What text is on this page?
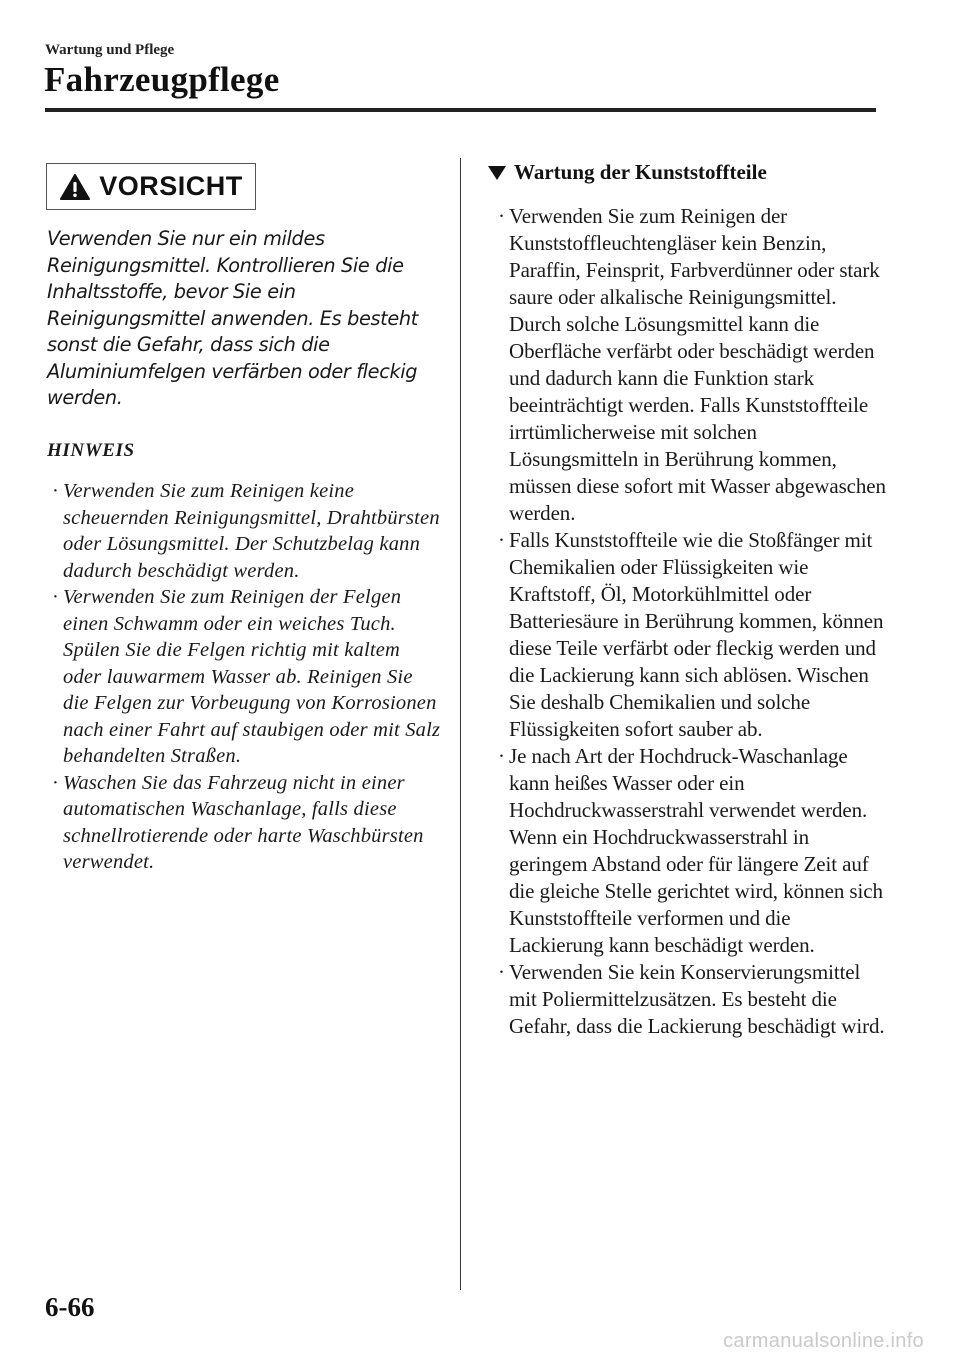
Wartung und Pflege
Fahrzeugpflege
VORSICHT

Verwenden Sie nur ein mildes Reinigungsmittel. Kontrollieren Sie die Inhaltsstoffe, bevor Sie ein Reinigungsmittel anwenden. Es besteht sonst die Gefahr, dass sich die Aluminiumfelgen verfärben oder fleckig werden.

HINWEIS
· Verwenden Sie zum Reinigen keine scheuernden Reinigungsmittel, Drahtbürsten oder Lösungsmittel. Der Schutzbelag kann dadurch beschädigt werden.
· Verwenden Sie zum Reinigen der Felgen einen Schwamm oder ein weiches Tuch. Spülen Sie die Felgen richtig mit kaltem oder lauwarmem Wasser ab. Reinigen Sie die Felgen zur Vorbeugung von Korrosionen nach einer Fahrt auf staubigen oder mit Salz behandelten Straßen.
· Waschen Sie das Fahrzeug nicht in einer automatischen Waschanlage, falls diese schnellrotierende oder harte Waschbürsten verwendet.
Wartung der Kunststoffteile
· Verwenden Sie zum Reinigen der Kunststoffleuchtengläser kein Benzin, Paraffin, Feinsprit, Farbverdünner oder stark saure oder alkalische Reinigungsmittel. Durch solche Lösungsmittel kann die Oberfläche verfärbt oder beschädigt werden und dadurch kann die Funktion stark beeinträchtigt werden. Falls Kunststoffteile irrtümlicherweise mit solchen Lösungsmitteln in Berührung kommen, müssen diese sofort mit Wasser abgewaschen werden.
· Falls Kunststoffteile wie die Stoßfänger mit Chemikalien oder Flüssigkeiten wie Kraftstoff, Öl, Motorkühlmittel oder Batteriesäure in Berührung kommen, können diese Teile verfärbt oder fleckig werden und die Lackierung kann sich ablösen. Wischen Sie deshalb Chemikalien und solche Flüssigkeiten sofort sauber ab.
· Je nach Art der Hochdruck-Waschanlage kann heißes Wasser oder ein Hochdruckwasserstrahl verwendet werden. Wenn ein Hochdruckwasserstrahl in geringem Abstand oder für längere Zeit auf die gleiche Stelle gerichtet wird, können sich Kunststoffteile verformen und die Lackierung kann beschädigt werden.
· Verwenden Sie kein Konservierungsmittel mit Poliermittelzusätzen. Es besteht die Gefahr, dass die Lackierung beschädigt wird.
6-66
carmanualsonline.info
